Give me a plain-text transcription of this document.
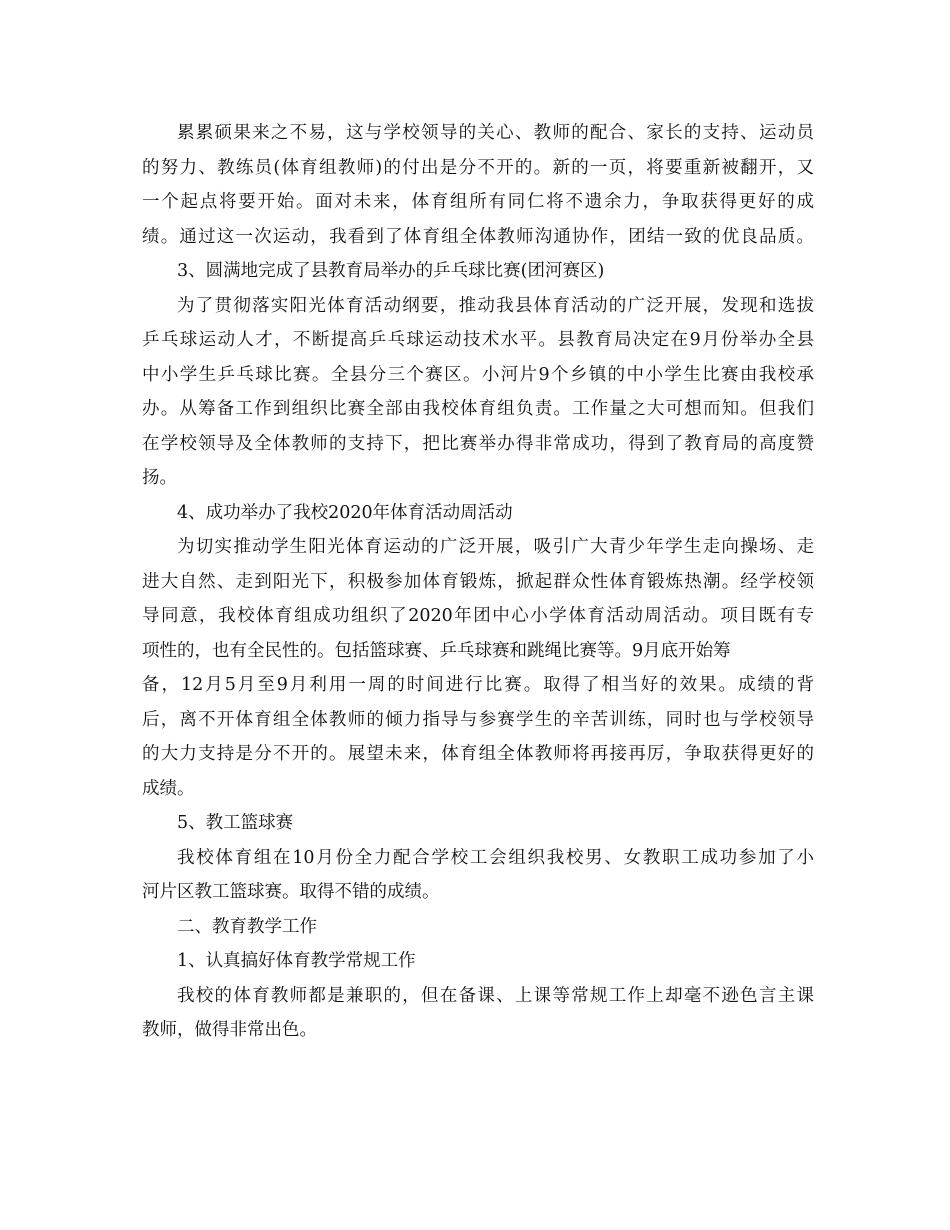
累累硕果来之不易，这与学校领导的关心、教师的配合、家长的支持、运动员
的努力、教练员(体育组教师)的付出是分不开的。新的一页，将要重新被翻开，又
一个起点将要开始。面对未来，体育组所有同仁将不遗余力，争取获得更好的成
绩。通过这一次运动，我看到了体育组全体教师沟通协作，团结一致的优良品质。
3、圆满地完成了县教育局举办的乒乓球比赛(团河赛区)
为了贯彻落实阳光体育活动纲要，推动我县体育活动的广泛开展，发现和选拔
乒乓球运动人才，不断提高乒乓球运动技术水平。县教育局决定在9月份举办全县
中小学生乒乓球比赛。全县分三个赛区。小河片9个乡镇的中小学生比赛由我校承
办。从筹备工作到组织比赛全部由我校体育组负责。工作量之大可想而知。但我们
在学校领导及全体教师的支持下，把比赛举办得非常成功，得到了教育局的高度赞
扬。
4、成功举办了我校2020年体育活动周活动
为切实推动学生阳光体育运动的广泛开展，吸引广大青少年学生走向操场、走
进大自然、走到阳光下，积极参加体育锻炼，掀起群众性体育锻炼热潮。经学校领
导同意，我校体育组成功组织了2020年团中心小学体育活动周活动。项目既有专
项性的，也有全民性的。包括篮球赛、乒乓球赛和跳绳比赛等。9月底开始筹
备，12月5月至9月利用一周的时间进行比赛。取得了相当好的效果。成绩的背
后，离不开体育组全体教师的倾力指导与参赛学生的辛苦训练，同时也与学校领导
的大力支持是分不开的。展望未来，体育组全体教师将再接再厉，争取获得更好的
成绩。
5、教工篮球赛
我校体育组在10月份全力配合学校工会组织我校男、女教职工成功参加了小
河片区教工篮球赛。取得不错的成绩。
二、教育教学工作
1、认真搞好体育教学常规工作
我校的体育教师都是兼职的，但在备课、上课等常规工作上却毫不逊色言主课
教师，做得非常出色。
